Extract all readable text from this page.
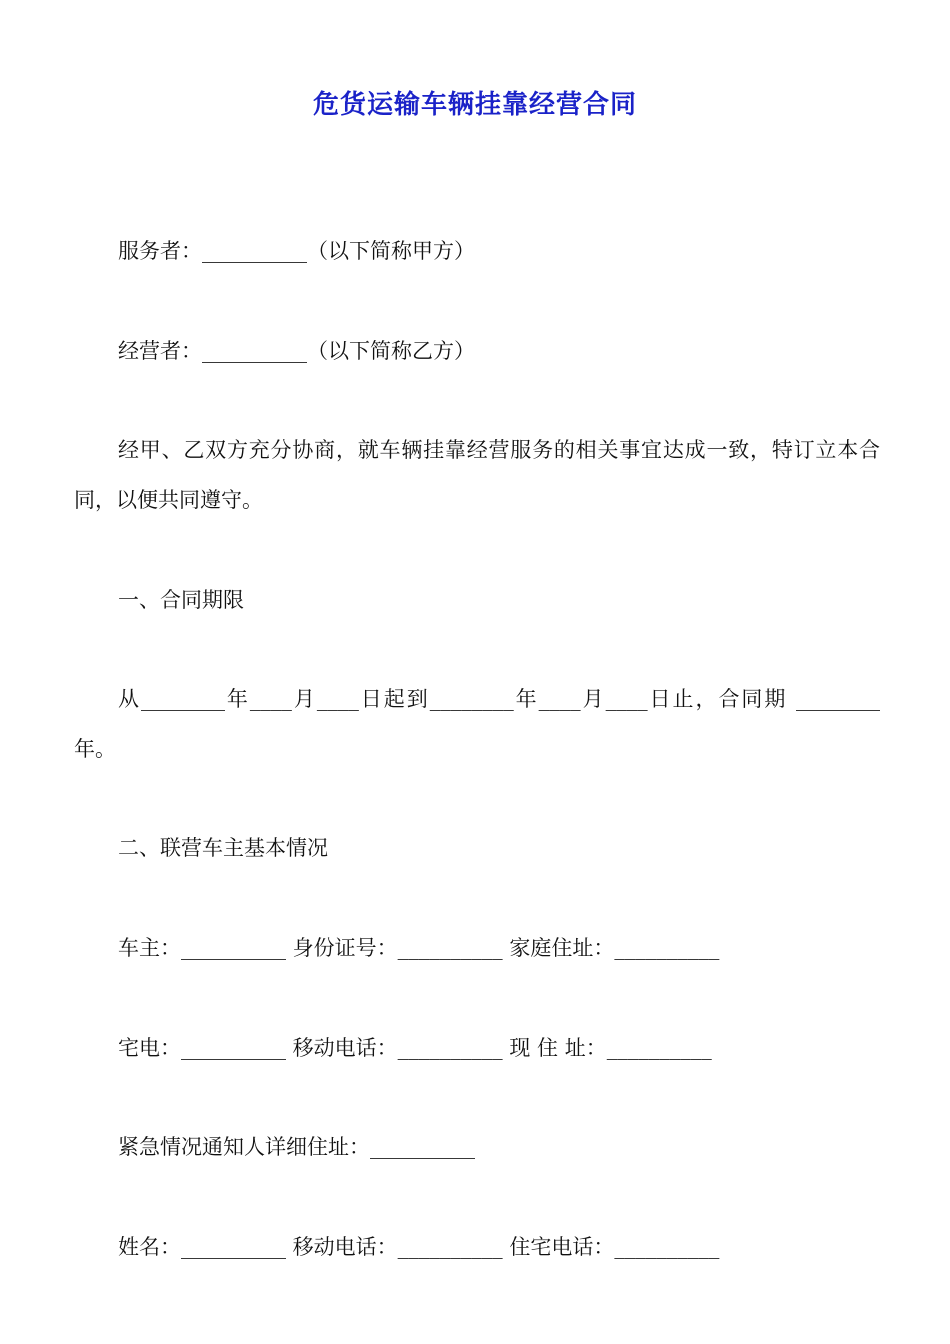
危货运输车辆挂靠经营合同
服务者：__________（以下简称甲方）
经营者：__________（以下简称乙方）
经甲、乙双方充分协商，就车辆挂靠经营服务的相关事宜达成一致，特订立本合同，以便共同遵守。
一、合同期限
从________年____月____日起到________年____月____日止，合同期 ________年。
二、联营车主基本情况
车主：__________ 身份证号：__________ 家庭住址：__________
宅电：__________ 移动电话：__________ 现 住 址：__________
紧急情况通知人详细住址：__________
姓名：__________ 移动电话：__________ 住宅电话：__________
